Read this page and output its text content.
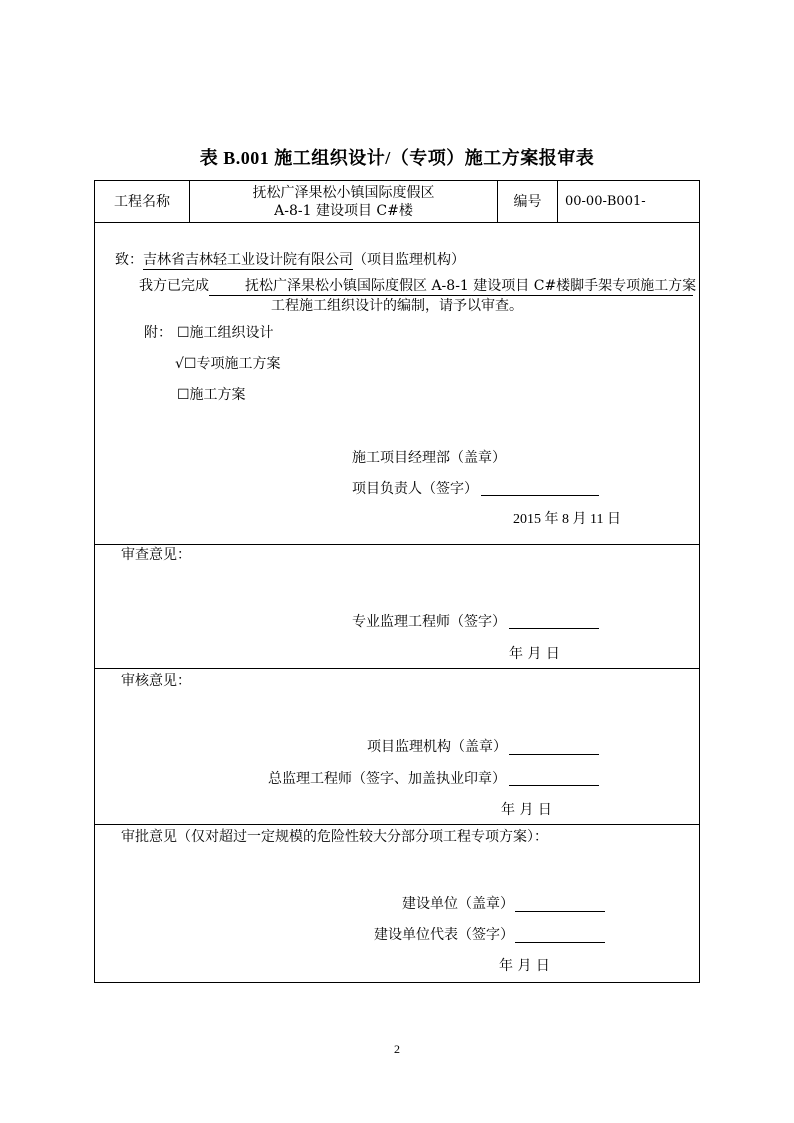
表 B.001 施工组织设计/（专项）施工方案报审表
工程名称
抚松广泽果松小镇国际度假区
A-8-1 建设项目 C#楼
编号	00-00-B001-
致：吉林省吉林轻工业设计院有限公司（项目监理机构）
我方已完成	抚松广泽果松小镇国际度假区 A-8-1 建设项目 C#楼脚手架专项施工方案
工程施工组织设计的编制，请予以审查。
附： ☐施工组织设计
√☐专项施工方案
☐施工方案
施工项目经理部（盖章）
项目负责人（签字）
2015 年 8 月 11 日
审查意见：
专业监理工程师（签字）
年 月 日
审核意见：
项目监理机构（盖章）
总监理工程师（签字、加盖执业印章）
年 月 日
审批意见（仅对超过一定规模的危险性较大分部分项工程专项方案）：
建设单位（盖章）
建设单位代表（签字）
年 月 日
2
